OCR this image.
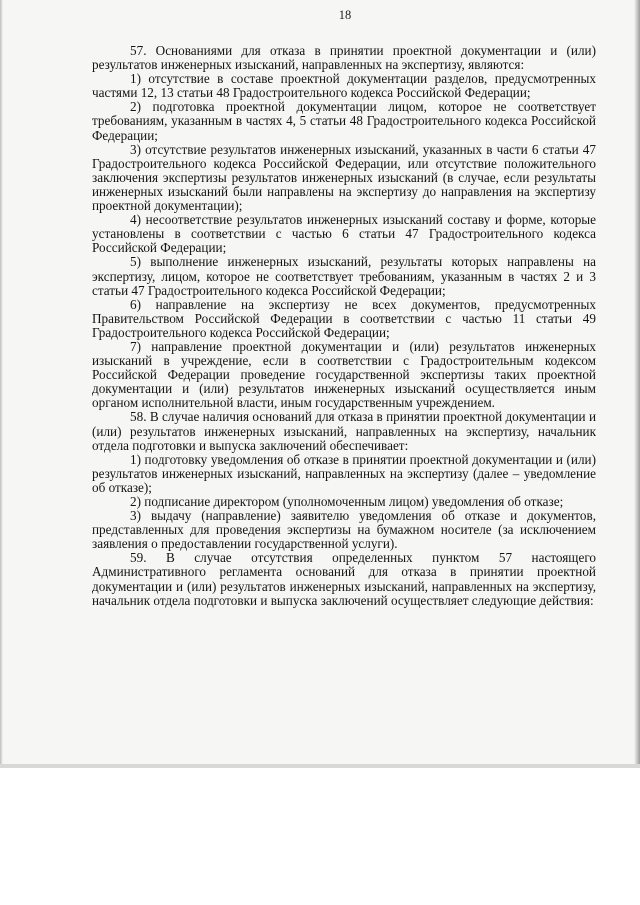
18

57. Основаниями для отказа в принятии проектной документации и (или) результатов инженерных изысканий, направленных на экспертизу, являются:

1) отсутствие в составе проектной документации разделов, предусмотренных частями 12, 13 статьи 48 Градостроительного кодекса Российской Федерации;

2) подготовка проектной документации лицом, которое не соответствует требованиям, указанным в частях 4, 5 статьи 48 Градостроительного кодекса Российской Федерации;

3) отсутствие результатов инженерных изысканий, указанных в части 6 статьи 47 Градостроительного кодекса Российской Федерации, или отсутствие положительного заключения экспертизы результатов инженерных изысканий (в случае, если результаты инженерных изысканий были направлены на экспертизу до направления на экспертизу проектной документации);

4) несоответствие результатов инженерных изысканий составу и форме, которые установлены в соответствии с частью 6 статьи 47 Градостроительного кодекса Российской Федерации;

5) выполнение инженерных изысканий, результаты которых направлены на экспертизу, лицом, которое не соответствует требованиям, указанным в частях 2 и 3 статьи 47 Градостроительного кодекса Российской Федерации;

6) направление на экспертизу не всех документов, предусмотренных Правительством Российской Федерации в соответствии с частью 11 статьи 49 Градостроительного кодекса Российской Федерации;

7) направление проектной документации и (или) результатов инженерных изысканий в учреждение, если в соответствии с Градостроительным кодексом Российской Федерации проведение государственной экспертизы таких проектной документации и (или) результатов инженерных изысканий осуществляется иным органом исполнительной власти, иным государственным учреждением.

58. В случае наличия оснований для отказа в принятии проектной документации и (или) результатов инженерных изысканий, направленных на экспертизу, начальник отдела подготовки и выпуска заключений обеспечивает:

1) подготовку уведомления об отказе в принятии проектной документации и (или) результатов инженерных изысканий, направленных на экспертизу (далее – уведомление об отказе);

2) подписание директором (уполномоченным лицом) уведомления об отказе;

3) выдачу (направление) заявителю уведомления об отказе и документов, представленных для проведения экспертизы на бумажном носителе (за исключением заявления о предоставлении государственной услуги).

59. В случае отсутствия определенных пунктом 57 настоящего Административного регламента оснований для отказа в принятии проектной документации и (или) результатов инженерных изысканий, направленных на экспертизу, начальник отдела подготовки и выпуска заключений осуществляет следующие действия:
